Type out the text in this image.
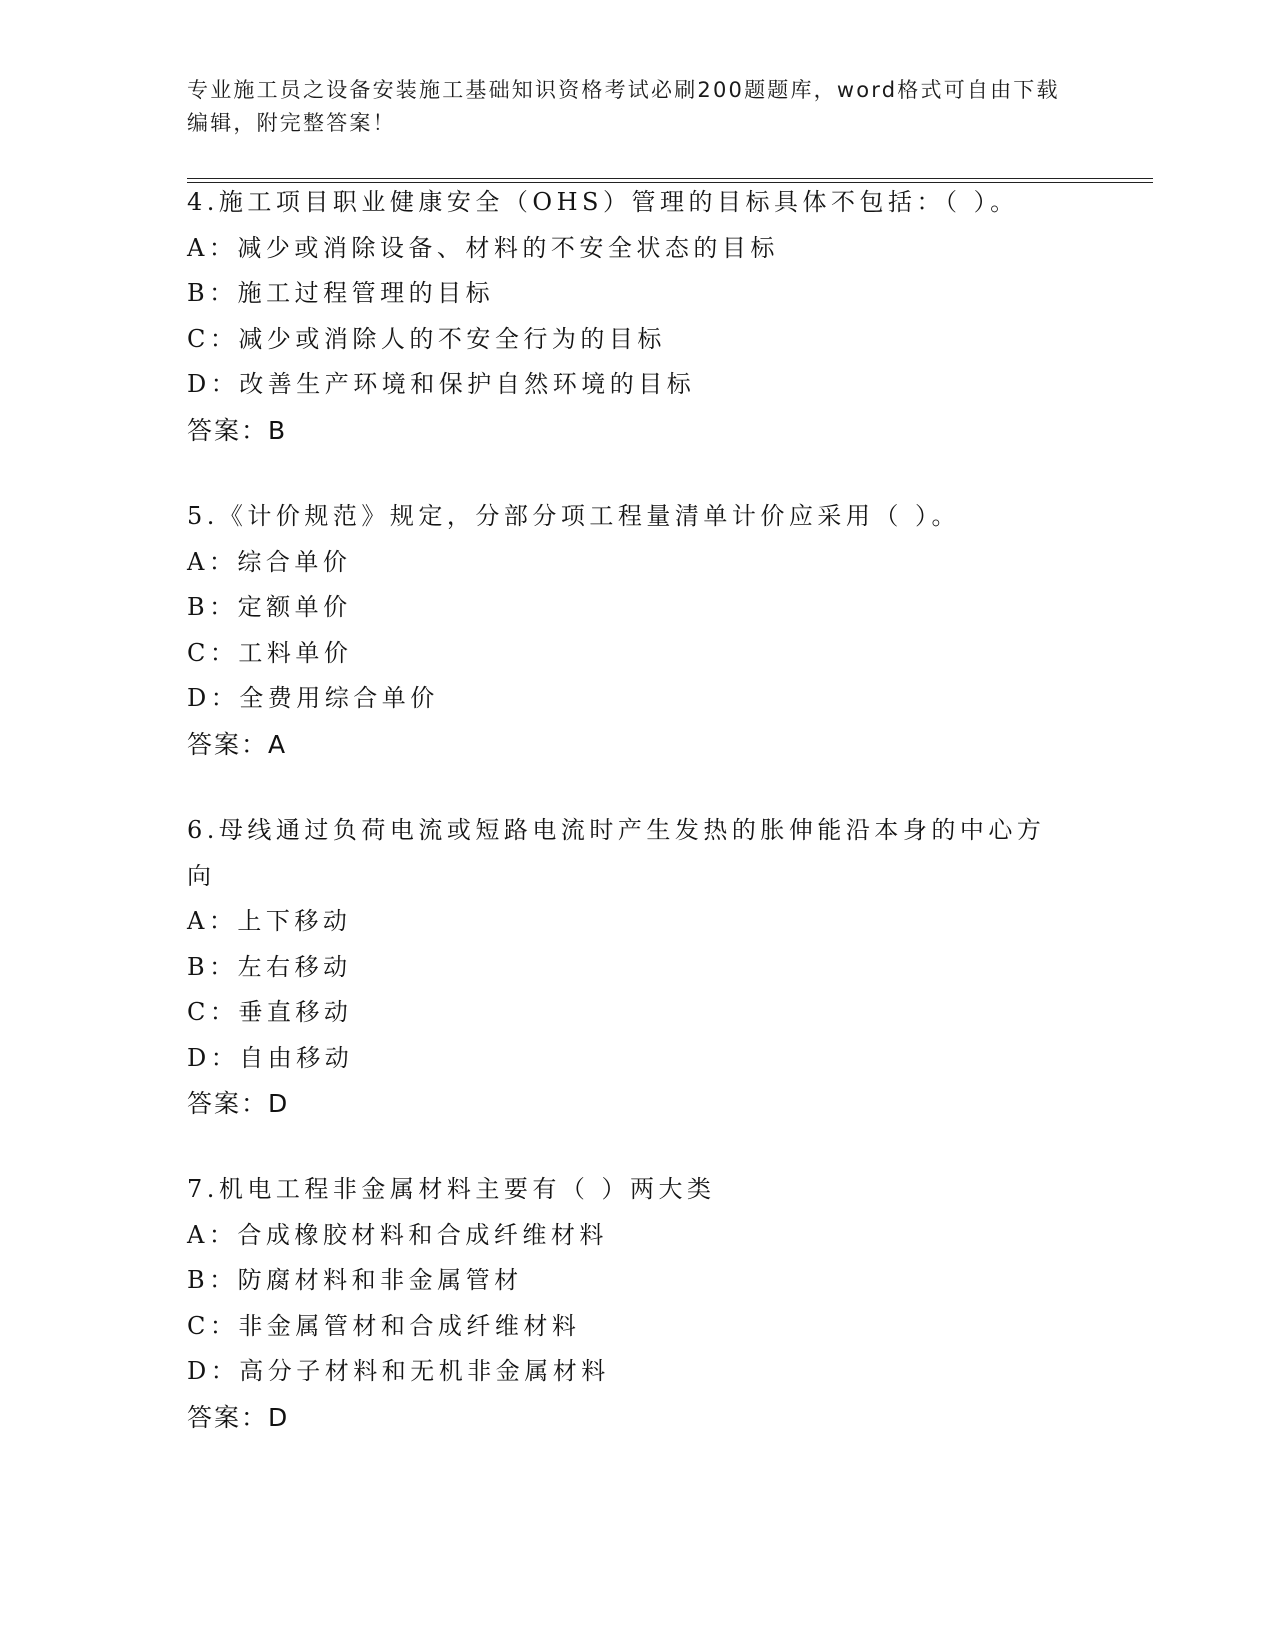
专业施工员之设备安装施工基础知识资格考试必刷200题题库，word格式可自由下载编辑，附完整答案！
4.施工项目职业健康安全（OHS）管理的目标具体不包括：（ ）。
A：减少或消除设备、材料的不安全状态的目标
B：施工过程管理的目标
C：减少或消除人的不安全行为的目标
D：改善生产环境和保护自然环境的目标
答案：B
5.《计价规范》规定，分部分项工程量清单计价应采用（ ）。
A：综合单价
B：定额单价
C：工料单价
D：全费用综合单价
答案：A
6.母线通过负荷电流或短路电流时产生发热的胀伸能沿本身的中心方向
A：上下移动
B：左右移动
C：垂直移动
D：自由移动
答案：D
7.机电工程非金属材料主要有（ ）两大类
A：合成橡胶材料和合成纤维材料
B：防腐材料和非金属管材
C：非金属管材和合成纤维材料
D：高分子材料和无机非金属材料
答案：D
